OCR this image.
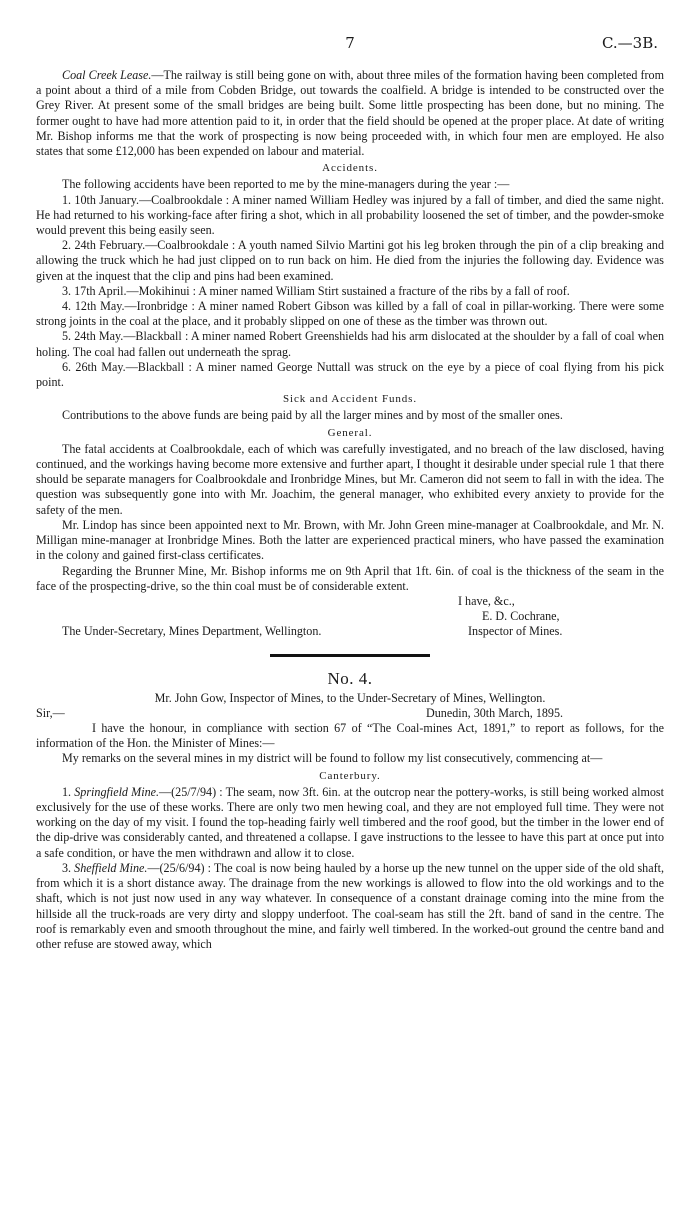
7	C.—3B.

Coal Creek Lease.—The railway is still being gone on with, about three miles of the formation having been completed from a point about a third of a mile from Cobden Bridge, out towards the coalfield. A bridge is intended to be constructed over the Grey River. At present some of the small bridges are being built. Some little prospecting has been done, but no mining. The former ought to have had more attention paid to it, in order that the field should be opened at the proper place. At date of writing Mr. Bishop informs me that the work of prospecting is now being proceeded with, in which four men are employed. He also states that some £12,000 has been expended on labour and material.

Accidents.

The following accidents have been reported to me by the mine-managers during the year :—

1. 10th January.—Coalbrookdale : A miner named William Hedley was injured by a fall of timber, and died the same night. He had returned to his working-face after firing a shot, which in all probability loosened the set of timber, and the powder-smoke would prevent this being easily seen.

2. 24th February.—Coalbrookdale : A youth named Silvio Martini got his leg broken through the pin of a clip breaking and allowing the truck which he had just clipped on to run back on him. He died from the injuries the following day. Evidence was given at the inquest that the clip and pins had been examined.

3. 17th April.—Mokihinui : A miner named William Stirt sustained a fracture of the ribs by a fall of roof.

4. 12th May.—Ironbridge : A miner named Robert Gibson was killed by a fall of coal in pillar-working. There were some strong joints in the coal at the place, and it probably slipped on one of these as the timber was thrown out.

5. 24th May.—Blackball : A miner named Robert Greenshields had his arm dislocated at the shoulder by a fall of coal when holing. The coal had fallen out underneath the sprag.

6. 26th May.—Blackball : A miner named George Nuttall was struck on the eye by a piece of coal flying from his pick point.

Sick and Accident Funds.

Contributions to the above funds are being paid by all the larger mines and by most of the smaller ones.

General.

The fatal accidents at Coalbrookdale, each of which was carefully investigated, and no breach of the law disclosed, having continued, and the workings having become more extensive and further apart, I thought it desirable under special rule 1 that there should be separate managers for Coalbrookdale and Ironbridge Mines, but Mr. Cameron did not seem to fall in with the idea. The question was subsequently gone into with Mr. Joachim, the general manager, who exhibited every anxiety to provide for the safety of the men.

Mr. Lindop has since been appointed next to Mr. Brown, with Mr. John Green mine-manager at Coalbrookdale, and Mr. N. Milligan mine-manager at Ironbridge Mines. Both the latter are experienced practical miners, who have passed the examination in the colony and gained first-class certificates.

Regarding the Brunner Mine, Mr. Bishop informs me on 9th April that 1ft. 6in. of coal is the thickness of the seam in the face of the prospecting-drive, so the thin coal must be of considerable extent.

I have, &c.,
E. D. Cochrane,
The Under-Secretary, Mines Department, Wellington.	Inspector of Mines.
No. 4.

Mr. John Gow, Inspector of Mines, to the Under-Secretary of Mines, Wellington.

Sir,—	Dunedin, 30th March, 1895.

I have the honour, in compliance with section 67 of “The Coal-mines Act, 1891,” to report as follows, for the information of the Hon. the Minister of Mines:—

My remarks on the several mines in my district will be found to follow my list consecutively, commencing at—

Canterbury.

1. Springfield Mine.—(25/7/94) : The seam, now 3ft. 6in. at the outcrop near the pottery-works, is still being worked almost exclusively for the use of these works. There are only two men hewing coal, and they are not employed full time. They were not working on the day of my visit. I found the top-heading fairly well timbered and the roof good, but the timber in the lower end of the dip-drive was considerably canted, and threatened a collapse. I gave instructions to the lessee to have this part at once put into a safe condition, or have the men withdrawn and allow it to close.

3. Sheffield Mine.—(25/6/94) : The coal is now being hauled by a horse up the new tunnel on the upper side of the old shaft, from which it is a short distance away. The drainage from the new workings is allowed to flow into the old workings and to the shaft, which is not just now used in any way whatever. In consequence of a constant drainage coming into the mine from the hillside all the truck-roads are very dirty and sloppy underfoot. The coal-seam has still the 2ft. band of sand in the centre. The roof is remarkably even and smooth throughout the mine, and fairly well timbered. In the worked-out ground the centre band and other refuse are stowed away, which
